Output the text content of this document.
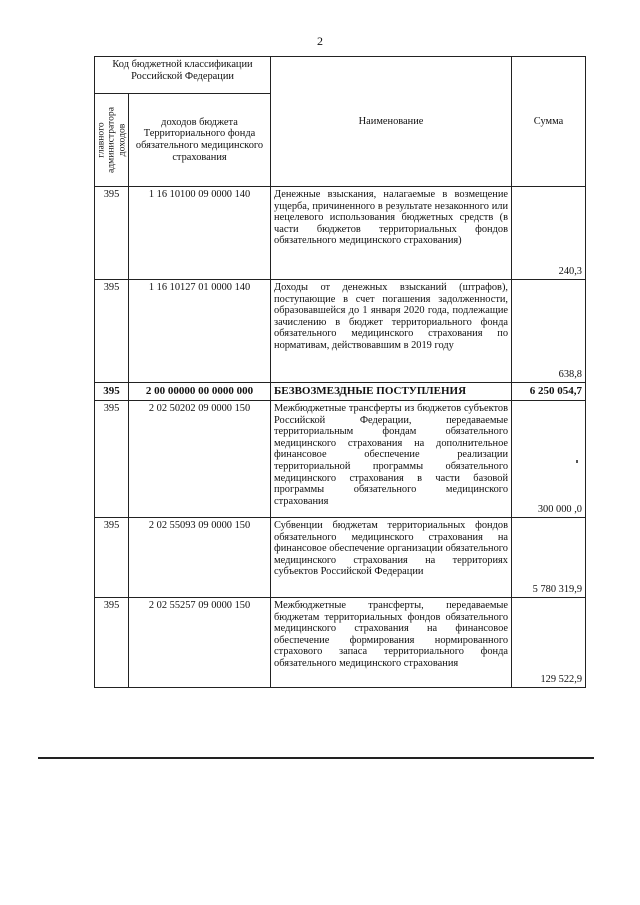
2
Код бюджетной классификации Российской Федерации		Наименование	Сумма

главного администратора доходов	доходов бюджета Территориального фонда обязательного медицинского страхования		
395	1 16 10100 09 0000 140	Денежные взыскания, налагаемые в возмещение ущерба, причиненного в результате незаконного или нецелевого использования бюджетных средств (в части бюджетов территориальных фондов обязательного медицинского страхования)	240,3
395	1 16 10127 01 0000 140	Доходы от денежных взысканий (штрафов), поступающие в счет погашения задолженности, образовавшейся до 1 января 2020 года, подлежащие зачислению в бюджет территориального фонда обязательного медицинского страхования по нормативам, действовавшим в 2019 году	638,8
395	2 00 00000 00 0000 000	БЕЗВОЗМЕЗДНЫЕ ПОСТУПЛЕНИЯ	6 250 054,7
395	2 02 50202 09 0000 150	Межбюджетные трансферты из бюджетов субъектов Российской Федерации, передаваемые территориальным фондам обязательного медицинского страхования на дополнительное финансовое обеспечение реализации территориальной программы обязательного медицинского страхования в части базовой программы обязательного медицинского страхования	300 000 ,0
395	2 02 55093 09 0000 150	Субвенции бюджетам территориальных фондов обязательного медицинского страхования на финансовое обеспечение организации обязательного медицинского страхования на территориях субъектов Российской Федерации	5 780 319,9
395	2 02 55257 09 0000 150	Межбюджетные трансферты, передаваемые бюджетам территориальных фондов обязательного медицинского страхования на финансовое обеспечение формирования нормированного страхового запаса территориального фонда обязательного медицинского страхования	129 522,9
